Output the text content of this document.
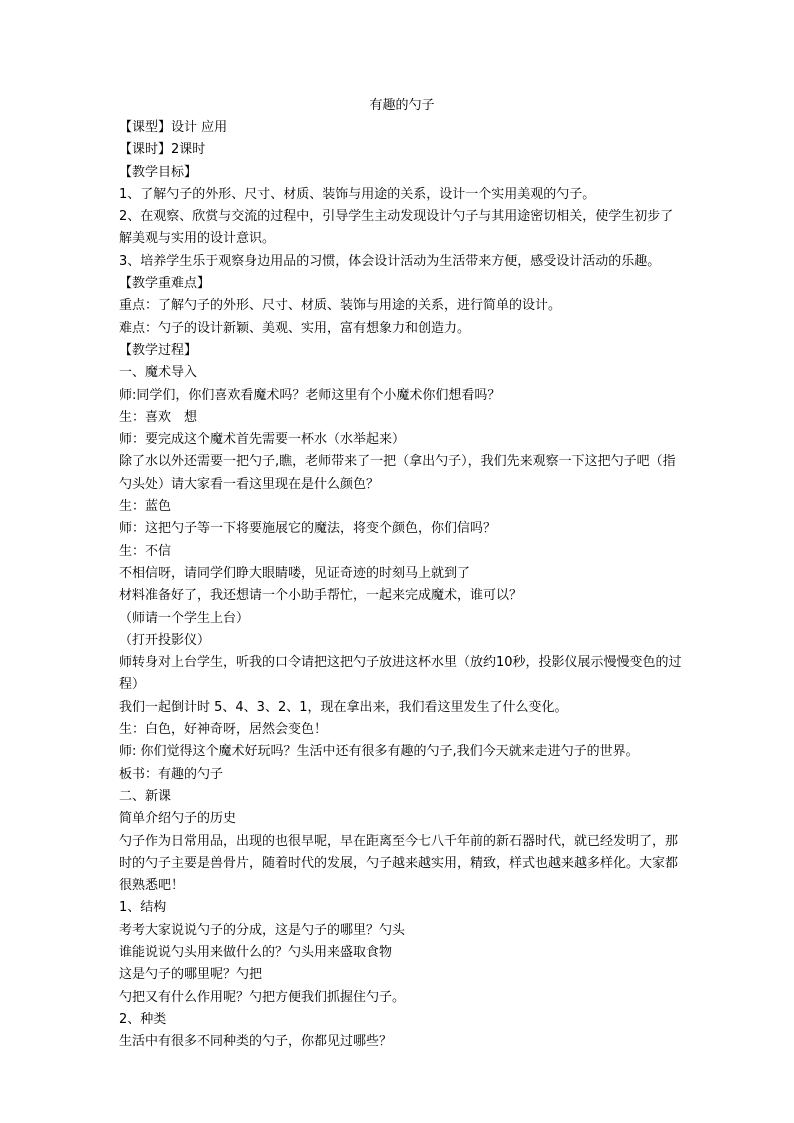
有趣的勺子

【课型】设计 应用

【课时】2课时

【教学目标】

1、了解勺子的外形、尺寸、材质、装饰与用途的关系，设计一个实用美观的勺子。

2、在观察、欣赏与交流的过程中，引导学生主动发现设计勺子与其用途密切相关，使学生初步了解美观与实用的设计意识。

3、培养学生乐于观察身边用品的习惯，体会设计活动为生活带来方便，感受设计活动的乐趣。

【教学重难点】

重点：了解勺子的外形、尺寸、材质、装饰与用途的关系，进行简单的设计。

难点：勺子的设计新颖、美观、实用，富有想象力和创造力。

【教学过程】

一、魔术导入

师:同学们，你们喜欢看魔术吗？老师这里有个小魔术你们想看吗？

生：喜欢　想

师：要完成这个魔术首先需要一杯水（水举起来）

除了水以外还需要一把勺子,瞧，老师带来了一把（拿出勺子），我们先来观察一下这把勺子吧（指勺头处）请大家看一看这里现在是什么颜色？

生：蓝色

师：这把勺子等一下将要施展它的魔法，将变个颜色，你们信吗？

生：不信

不相信呀，请同学们睁大眼睛喽，见证奇迹的时刻马上就到了

材料准备好了，我还想请一个小助手帮忙，一起来完成魔术，谁可以？

（师请一个学生上台）

（打开投影仪）

师转身对上台学生，听我的口令请把这把勺子放进这杯水里（放约10秒，投影仪展示慢慢变色的过程）

我们一起倒计时 5、4、3、2、1，现在拿出来，我们看这里发生了什么变化。

生：白色，好神奇呀，居然会变色！

师: 你们觉得这个魔术好玩吗？生活中还有很多有趣的勺子,我们今天就来走进勺子的世界。

板书：有趣的勺子

二、新课

简单介绍勺子的历史

勺子作为日常用品，出现的也很早呢，早在距离至今七八千年前的新石器时代，就已经发明了，那时的勺子主要是兽骨片，随着时代的发展，勺子越来越实用，精致，样式也越来越多样化。大家都很熟悉吧！

1、结构

考考大家说说勺子的分成，这是勺子的哪里？勺头

谁能说说勺头用来做什么的？勺头用来盛取食物

这是勺子的哪里呢？勺把

勺把又有什么作用呢？勺把方便我们抓握住勺子。

2、种类

生活中有很多不同种类的勺子，你都见过哪些？
